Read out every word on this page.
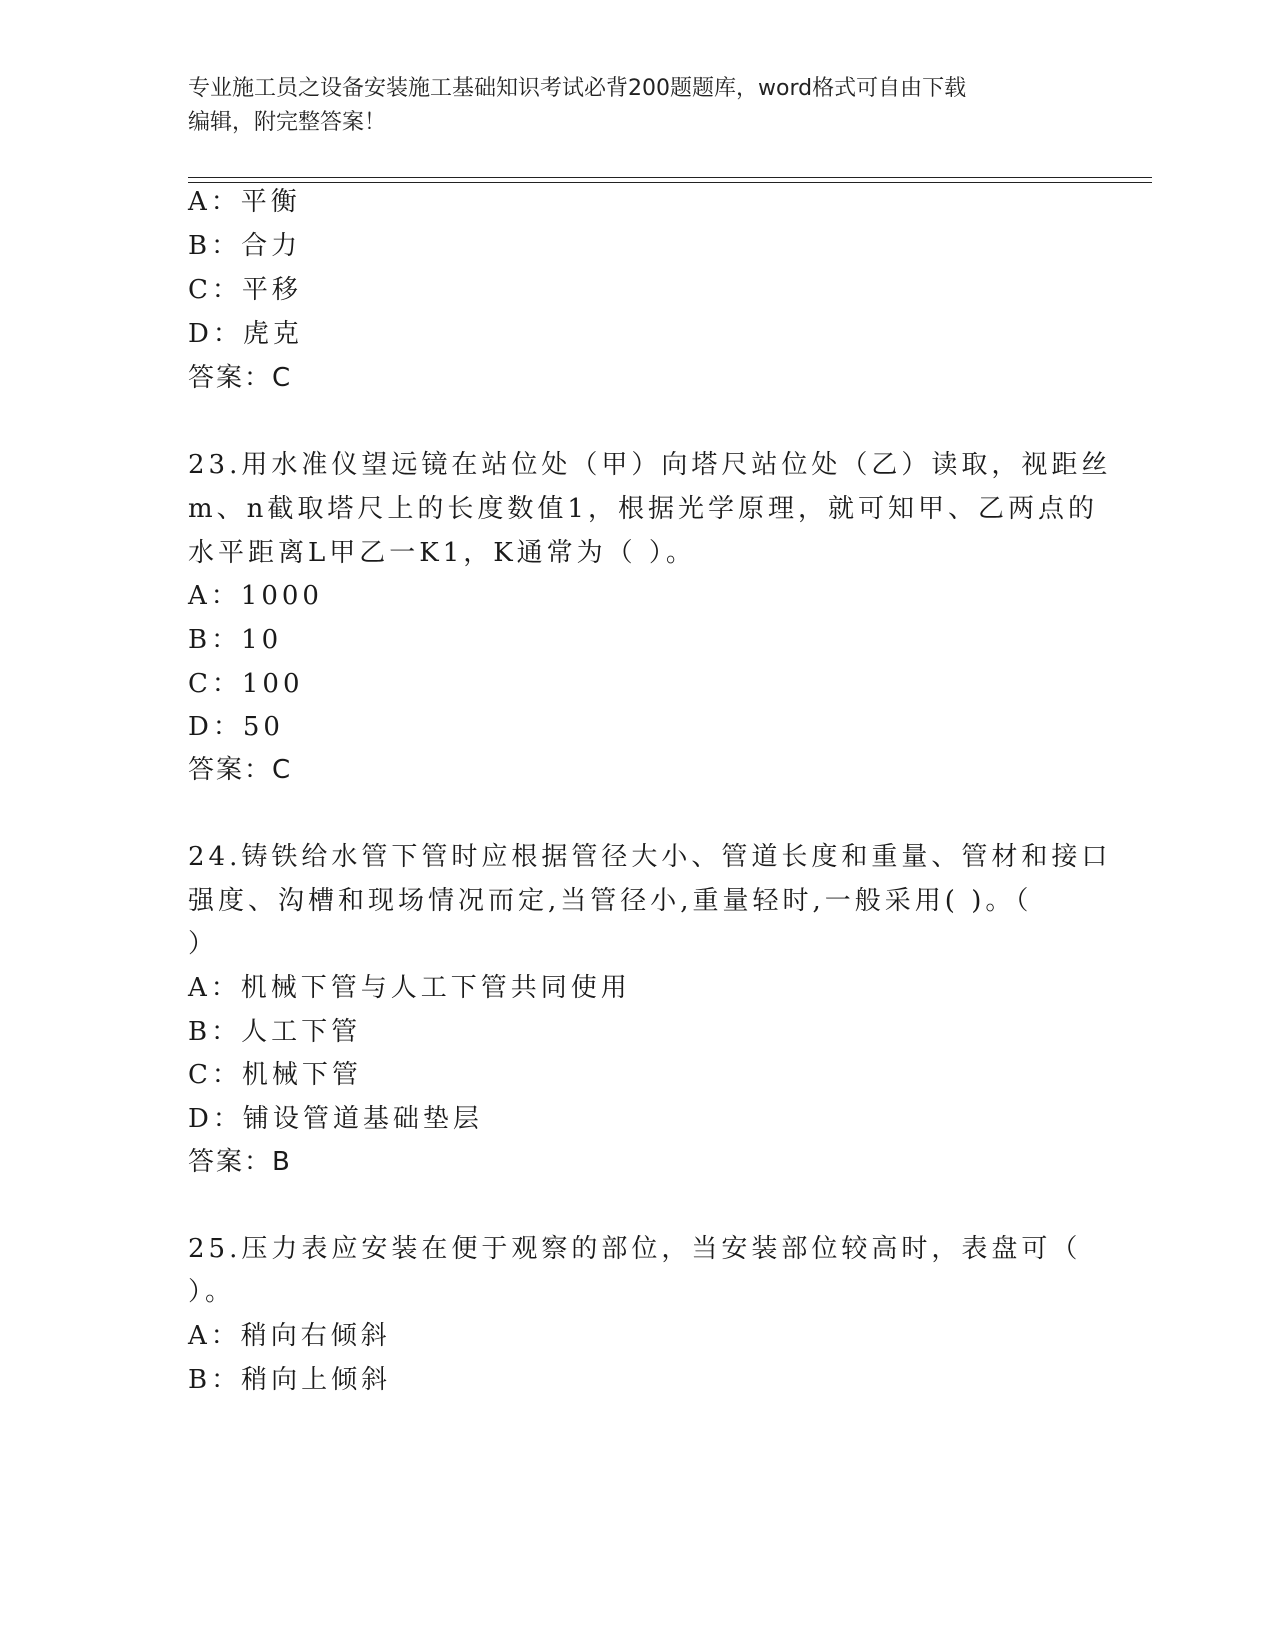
专业施工员之设备安装施工基础知识考试必背200题题库，word格式可自由下载
编辑，附完整答案！
A：平衡
B：合力
C：平移
D：虎克
答案：C
23.用水准仪望远镜在站位处（甲）向塔尺站位处（乙）读取，视距丝
m、n截取塔尺上的长度数值1，根据光学原理，就可知甲、乙两点的
水平距离L甲乙一K1，K通常为（ ）。
A：1000
B：10
C：100
D：50
答案：C
24.铸铁给水管下管时应根据管径大小、管道长度和重量、管材和接口
强度、沟槽和现场情况而定,当管径小,重量轻时,一般采用( )。（
）
A：机械下管与人工下管共同使用
B：人工下管
C：机械下管
D：铺设管道基础垫层
答案：B
25.压力表应安装在便于观察的部位，当安装部位较高时，表盘可（
）。
A：稍向右倾斜
B：稍向上倾斜
